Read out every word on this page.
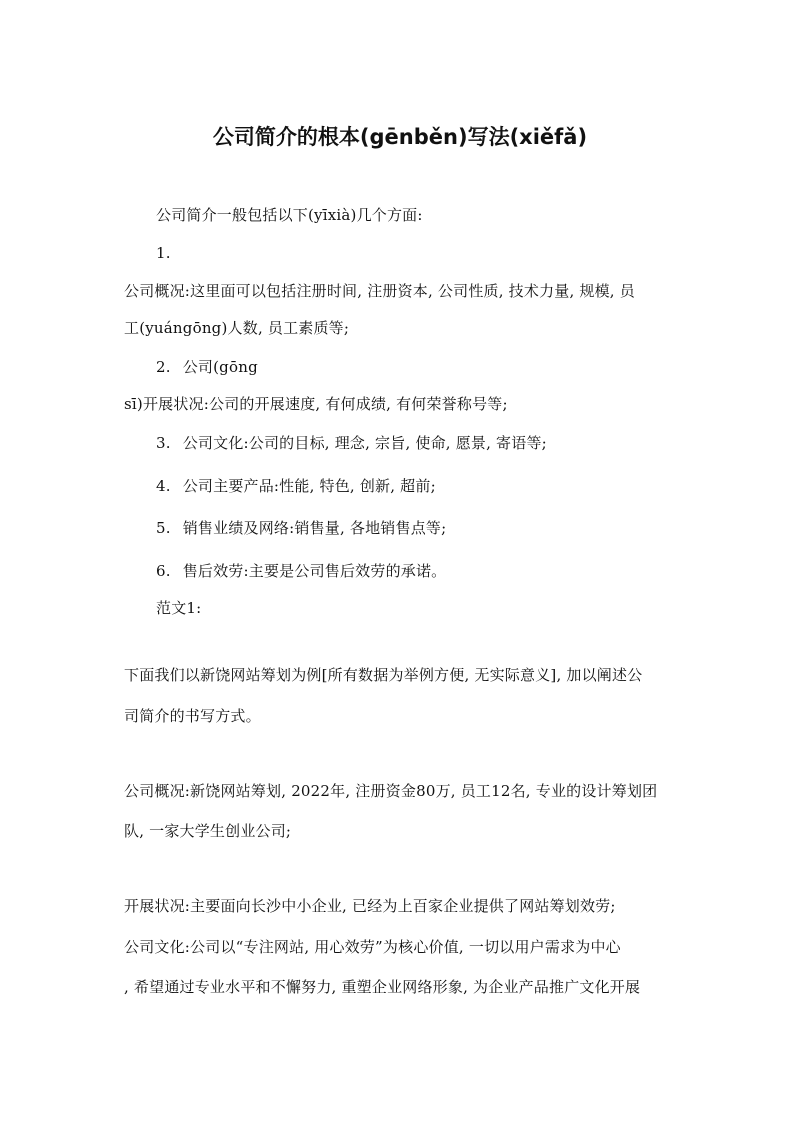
公司简介的根本(gēnběn)写法(xiěfǎ)
公司简介一般包括以下(yīxià)几个方面:
1.
公司概况:这里面可以包括注册时间, 注册资本, 公司性质, 技术力量, 规模, 员
工(yuángōng)人数, 员工素质等;
2. 公司(gōng
sī)开展状况:公司的开展速度, 有何成绩, 有何荣誉称号等;
3. 公司文化:公司的目标, 理念, 宗旨, 使命, 愿景, 寄语等;
4. 公司主要产品:性能, 特色, 创新, 超前;
5. 销售业绩及网络:销售量, 各地销售点等;
6. 售后效劳:主要是公司售后效劳的承诺。
范文1:
下面我们以新饶网站筹划为例[所有数据为举例方便, 无实际意义], 加以阐述公
司简介的书写方式。
公司概况:新饶网站筹划, 2022年, 注册资金80万, 员工12名, 专业的设计筹划团
队, 一家大学生创业公司;
开展状况:主要面向长沙中小企业, 已经为上百家企业提供了网站筹划效劳;
公司文化:公司以“专注网站, 用心效劳”为核心价值, 一切以用户需求为中心
, 希望通过专业水平和不懈努力, 重塑企业网络形象, 为企业产品推广文化开展
